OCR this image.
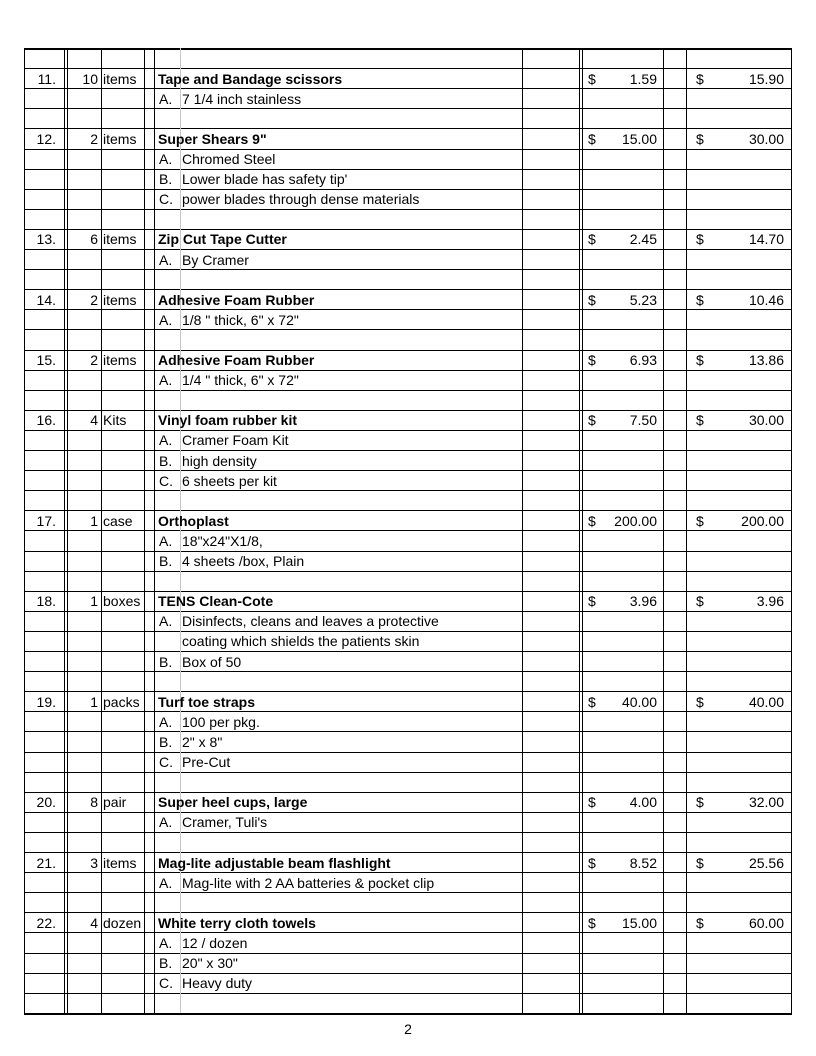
11.	10 items Tape and Bandage scissors	$	1.59	$	15.90
A. 7 1/4 inch stainless
12.	2 items Super Shears 9"	$	15.00	$	30.00
A. Chromed Steel
B. Lower blade has safety tip'
C. power blades through dense materials
13.	6 items Zip Cut Tape Cutter	$	2.45	$	14.70
A. By Cramer
14.	2 items Adhesive Foam Rubber	$	5.23	$	10.46
A. 1/8 " thick, 6" x 72"
15.	2 items Adhesive Foam Rubber	$	6.93	$	13.86
A. 1/4 " thick, 6" x 72"
16.	4 Kits Vinyl foam rubber kit	$	7.50	$	30.00
A. Cramer Foam Kit
B. high density
C. 6 sheets per kit
17.	1 case Orthoplast	$	200.00	$	200.00
A. 18"x24"X1/8,
B. 4 sheets /box, Plain
18.	1 boxes TENS Clean-Cote	$	3.96	$	3.96
A. Disinfects, cleans and leaves a protective
coating which shields the patients skin
B. Box of 50
19.	1 packs Turf toe straps	$	40.00	$	40.00
A. 100 per pkg.
B. 2" x 8"
C. Pre-Cut
20.	8 pair Super heel cups, large	$	4.00	$	32.00
A. Cramer, Tuli's
21.	3 items Mag-lite adjustable beam flashlight	$	8.52	$	25.56
A. Mag-lite with 2 AA batteries & pocket clip
22.	4 dozen White terry cloth towels	$	15.00	$	60.00
A. 12 / dozen
B. 20" x 30"
C. Heavy duty
2
